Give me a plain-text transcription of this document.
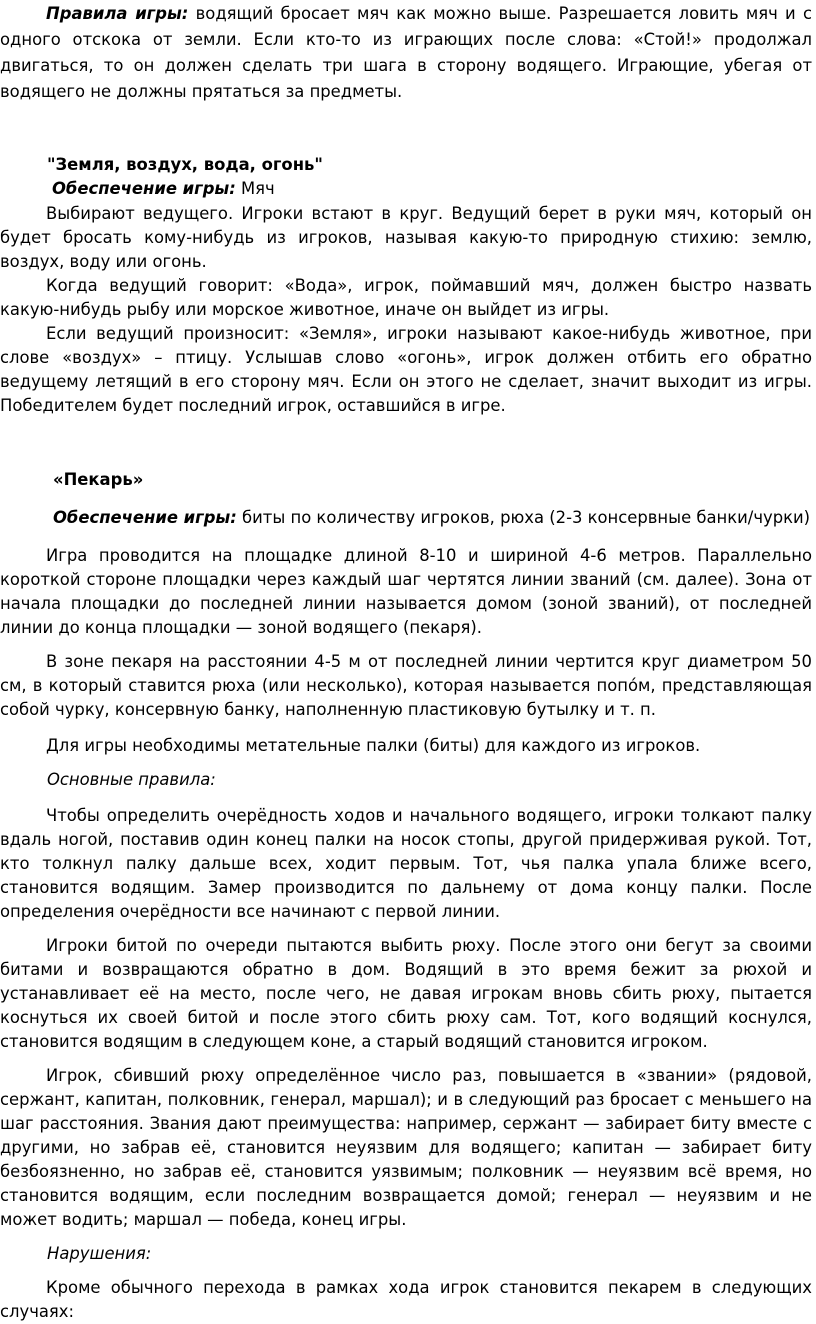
Правила игры: водящий бросает мяч как можно выше. Разрешается ловить мяч и с одного отскока от земли. Если кто-то из играющих после слова: «Стой!» продолжал двигаться, то он должен сделать три шага в сторону водящего. Играющие, убегая от водящего не должны прятаться за предметы.

"Земля, воздух, вода, огонь"

Обеспечение игры: Мяч

Выбирают ведущего. Игроки встают в круг. Ведущий берет в руки мяч, который он будет бросать кому-нибудь из игроков, называя какую-то природную стихию: землю, воздух, воду или огонь.

Когда ведущий говорит: «Вода», игрок, поймавший мяч, должен быстро назвать какую-нибудь рыбу или морское животное, иначе он выйдет из игры.

Если ведущий произносит: «Земля», игроки называют какое-нибудь животное, при слове «воздух» – птицу. Услышав слово «огонь», игрок должен отбить его обратно ведущему летящий в его сторону мяч. Если он этого не сделает, значит выходит из игры. Победителем будет последний игрок, оставшийся в игре.

«Пекарь»

Обеспечение игры: биты по количеству игроков, рюха (2-3 консервные банки/чурки)

Игра проводится на площадке длиной 8-10 и шириной 4-6 метров. Параллельно короткой стороне площадки через каждый шаг чертятся линии званий (см. далее). Зона от начала площадки до последней линии называется домом (зоной званий), от последней линии до конца площадки — зоной водящего (пекаря).

В зоне пекаря на расстоянии 4-5 м от последней линии чертится круг диаметром 50 см, в который ставится рюха (или несколько), которая называется попо́м, представляющая собой чурку, консервную банку, наполненную пластиковую бутылку и т. п.

Для игры необходимы метательные палки (биты) для каждого из игроков.

Основные правила:

Чтобы определить очерёдность ходов и начального водящего, игроки толкают палку вдаль ногой, поставив один конец палки на носок стопы, другой придерживая рукой. Тот, кто толкнул палку дальше всех, ходит первым. Тот, чья палка упала ближе всего, становится водящим. Замер производится по дальнему от дома концу палки. После определения очерёдности все начинают с первой линии.

Игроки битой по очереди пытаются выбить рюху. После этого они бегут за своими битами и возвращаются обратно в дом. Водящий в это время бежит за рюхой и устанавливает её на место, после чего, не давая игрокам вновь сбить рюху, пытается коснуться их своей битой и после этого сбить рюху сам. Тот, кого водящий коснулся, становится водящим в следующем коне, а старый водящий становится игроком.

Игрок, сбивший рюху определённое число раз, повышается в «звании» (рядовой, сержант, капитан, полковник, генерал, маршал); и в следующий раз бросает с меньшего на шаг расстояния. Звания дают преимущества: например, сержант — забирает биту вместе с другими, но забрав её, становится неуязвим для водящего; капитан — забирает биту безбоязненно, но забрав её, становится уязвимым; полковник — неуязвим всё время, но становится водящим, если последним возвращается домой; генерал — неуязвим и не может водить; маршал — победа, конец игры.

Нарушения:

Кроме обычного перехода в рамках хода игрок становится пекарем в следующих случаях:
